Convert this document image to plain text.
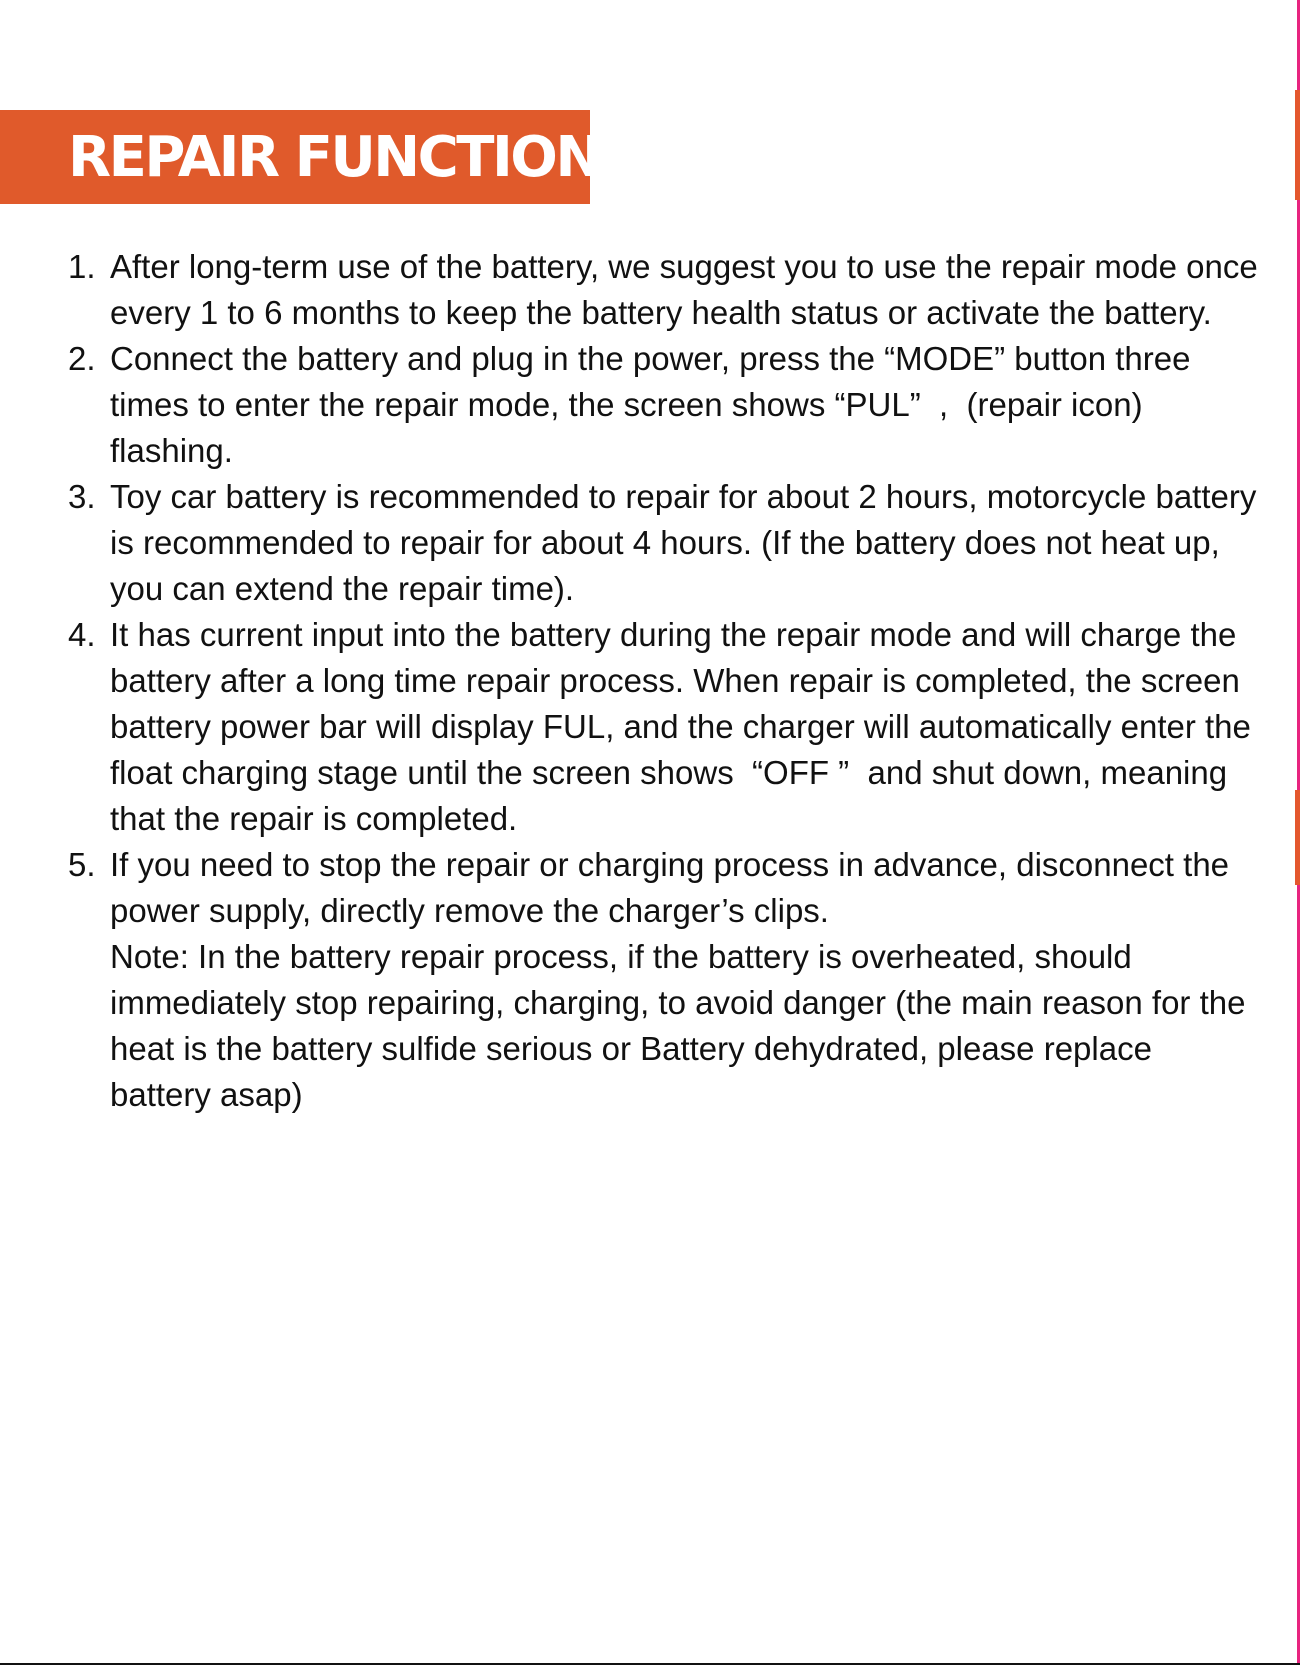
REPAIR FUNCTION
1. After long-term use of the battery, we suggest you to use the repair mode once every 1 to 6 months to keep the battery health status or activate the battery.

2. Connect the battery and plug in the power, press the “MODE” button three times to enter the repair mode, the screen shows “PUL”  ,  (repair icon) flashing.

3. Toy car battery is recommended to repair for about 2 hours, motorcycle battery is recommended to repair for about 4 hours. (If the battery does not heat up, you can extend the repair time).

4. It has current input into the battery during the repair mode and will charge the battery after a long time repair process. When repair is completed, the screen battery power bar will display FUL, and the charger will automatically enter the float charging stage until the screen shows  “OFF ”  and shut down, meaning that the repair is completed.

5. If you need to stop the repair or charging process in advance, disconnect the power supply, directly remove the charger’s clips.

Note: In the battery repair process, if the battery is overheated, should immediately stop repairing, charging, to avoid danger (the main reason for the heat is the battery sulfide serious or Battery dehydrated, please replace battery asap)
